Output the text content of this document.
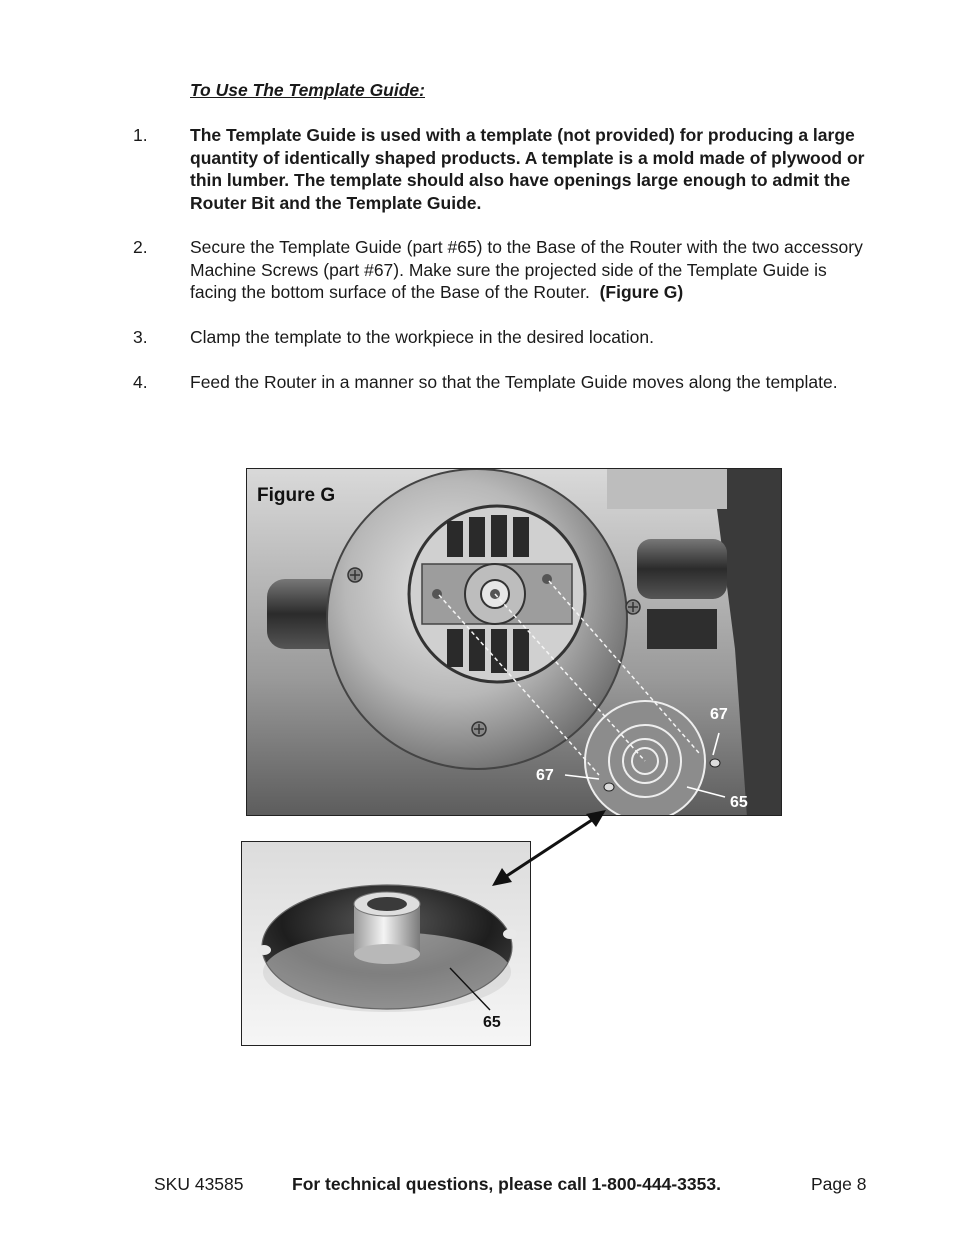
To Use The Template Guide:
1. The Template Guide is used with a template (not provided) for producing a large quantity of identically shaped products. A template is a mold made of plywood or thin lumber. The template should also have openings large enough to admit the Router Bit and the Template Guide.
2. Secure the Template Guide (part #65) to the Base of the Router with the two accessory Machine Screws (part #67). Make sure the projected side of the Template Guide is facing the bottom surface of the Base of the Router. (Figure G)
3. Clamp the template to the workpiece in the desired location.
4. Feed the Router in a manner so that the Template Guide moves along the template.
Figure G
67
67
65
65
SKU 43585	For technical questions, please call 1-800-444-3353.	Page 8
